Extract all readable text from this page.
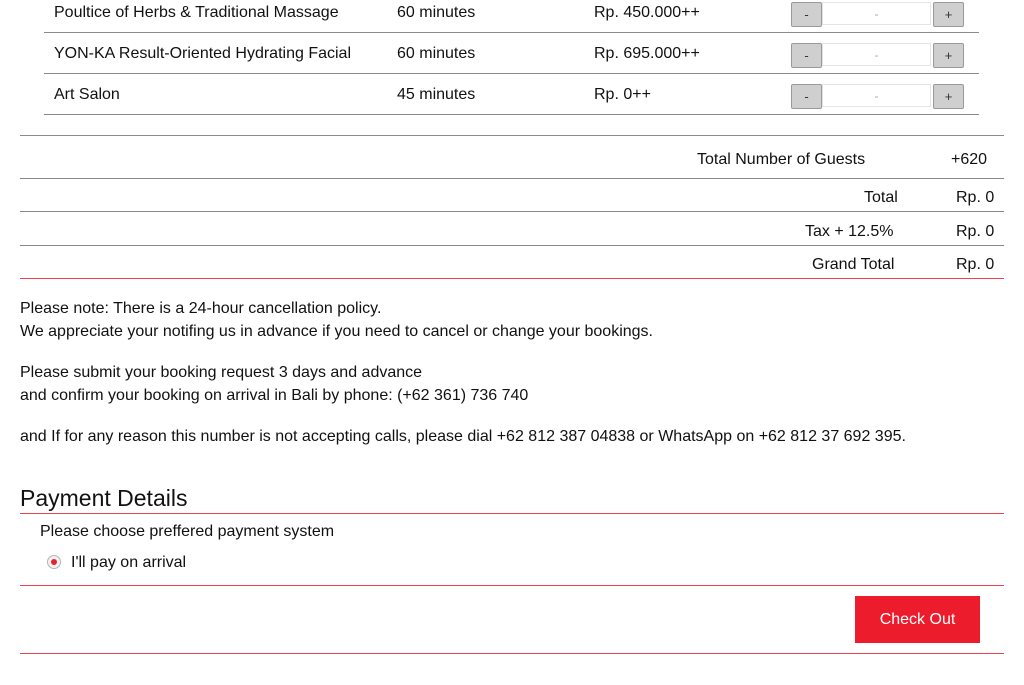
Poultice of Herbs & Traditional Massage	60 minutes	Rp. 450.000++	-	-	+
YON-KA Result-Oriented Hydrating Facial	60 minutes	Rp. 695.000++	-	-	+
Art Salon	45 minutes	Rp. 0++	-	-	+
Total Number of Guests	+620
Total	Rp. 0
Tax + 12.5%	Rp. 0
Grand Total	Rp. 0
Please note: There is a 24-hour cancellation policy.
We appreciate your notifing us in advance if you need to cancel or change your bookings.
Please submit your booking request 3 days and advance
and confirm your booking on arrival in Bali by phone: (+62 361) 736 740
and If for any reason this number is not accepting calls, please dial +62 812 387 04838 or WhatsApp on +62 812 37 692 395.
Payment Details
Please choose preffered payment system
I'll pay on arrival
Check Out
